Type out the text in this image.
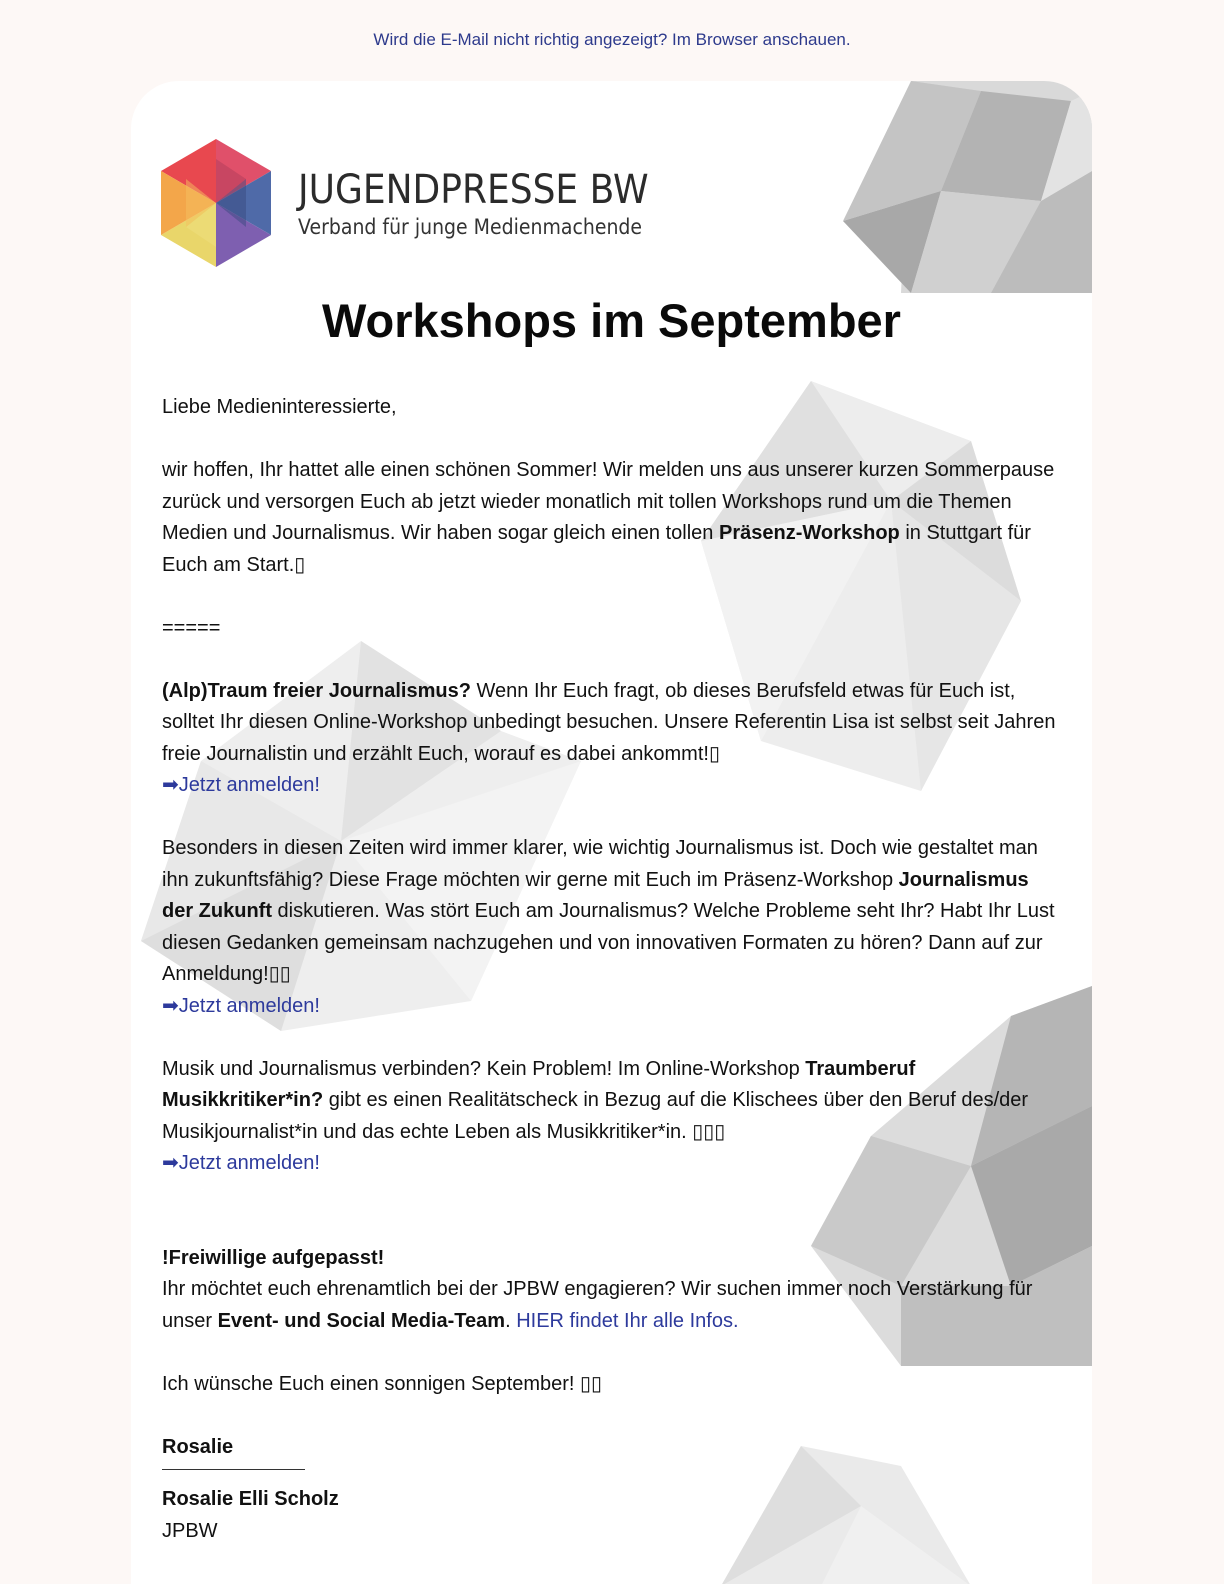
Wird die E-Mail nicht richtig angezeigt? Im Browser anschauen.
JUGENDPRESSE BW
Verband für junge Medienmachende
Workshops im September

Liebe Medieninteressierte,

wir hoffen, Ihr hattet alle einen schönen Sommer! Wir melden uns aus unserer kurzen Sommerpause zurück und versorgen Euch ab jetzt wieder monatlich mit tollen Workshops rund um die Themen Medien und Journalismus. Wir haben sogar gleich einen tollen Präsenz-Workshop in Stuttgart für Euch am Start.▯

=====

(Alp)Traum freier Journalismus? Wenn Ihr Euch fragt, ob dieses Berufsfeld etwas für Euch ist, solltet Ihr diesen Online-Workshop unbedingt besuchen. Unsere Referentin Lisa ist selbst seit Jahren freie Journalistin und erzählt Euch, worauf es dabei ankommt!▯
➡Jetzt anmelden!

Besonders in diesen Zeiten wird immer klarer, wie wichtig Journalismus ist. Doch wie gestaltet man ihn zukunftsfähig? Diese Frage möchten wir gerne mit Euch im Präsenz-Workshop Journalismus der Zukunft diskutieren. Was stört Euch am Journalismus? Welche Probleme seht Ihr? Habt Ihr Lust diesen Gedanken gemeinsam nachzugehen und von innovativen Formaten zu hören? Dann auf zur Anmeldung!▯▯
➡Jetzt anmelden!

Musik und Journalismus verbinden? Kein Problem! Im Online-Workshop Traumberuf Musikkritiker*in? gibt es einen Realitätscheck in Bezug auf die Klischees über den Beruf des/der Musikjournalist*in und das echte Leben als Musikkritiker*in. ▯▯▯
➡Jetzt anmelden!

!Freiwillige aufgepasst!
Ihr möchtet euch ehrenamtlich bei der JPBW engagieren? Wir suchen immer noch Verstärkung für unser Event- und Social Media-Team. HIER findet Ihr alle Infos.

Ich wünsche Euch einen sonnigen September! ▯▯

Rosalie
Rosalie Elli Scholz
JPBW
